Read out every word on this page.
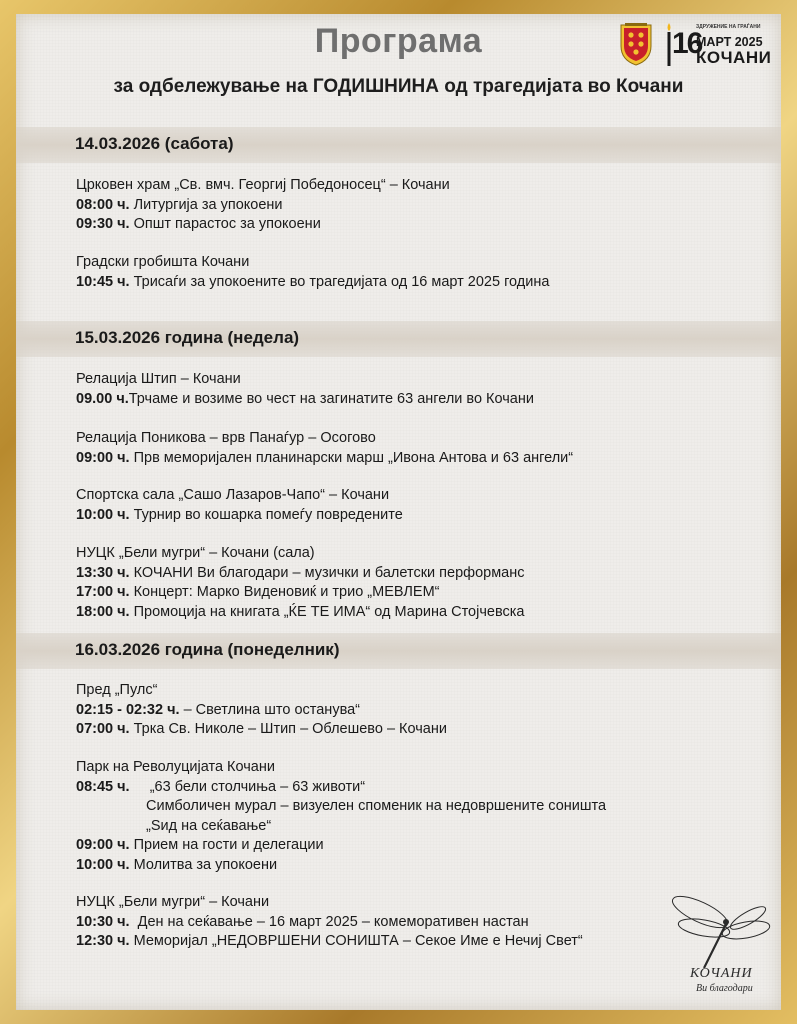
Програма
за одбележување на ГОДИШНИНА од трагедијата во Кочани
16
ЗДРУЖЕНИЕ НА ГРАЃАНИ
МАРТ 2025
КОЧАНИ
14.03.2026 (сабота)
Црковен храм „Св. вмч. Георгиј Победоносец“ – Кочани
08:00 ч. Литургија за упокоени
09:30 ч. Општ парастос за упокоени
Градски гробишта Кочани
10:45 ч. Трисаѓи за упокоените во трагедијата од 16 март 2025 година
15.03.2026 година (недела)
Релација Штип – Кочани
09.00 ч.Трчаме и возиме во чест на загинатите 63 ангели во Кочани
Релација Поникова – врв Панаѓур – Осогово
09:00 ч. Прв меморијален планинарски марш „Ивона Антова и 63 ангели“
Спортска сала „Сашо Лазаров-Чапо“ – Кочани
10:00 ч. Турнир во кошарка помеѓу повредените
НУЦК „Бели мугри“ – Кочани (сала)
13:30 ч. КОЧАНИ Ви благодари – музички и балетски перформанс
17:00 ч. Концерт: Марко Виденовиќ и трио „МЕВЛЕМ“
18:00 ч. Промоција на книгата „ЌЕ ТЕ ИМА“ од Марина Стојчевска
16.03.2026 година (понеделник)
Пред „Пулс“
02:15 - 02:32 ч. – Светлина што останува“
07:00 ч. Трка Св. Николе – Штип – Облешево – Кочани
Парк на Револуцијата Кочани
08:45 ч.     „63 бели столчиња – 63 животи“
Симболичен мурал – визуелен споменик на недовршените соништа
„Ѕид на сеќавање“
09:00 ч. Прием на гости и делегации
10:00 ч. Молитва за упокоени
НУЦК „Бели мугри“ – Кочани
10:30 ч.  Ден на сеќавање – 16 март 2025 – комеморативен настан
12:30 ч. Меморијал „НЕДОВРШЕНИ СОНИШТА – Секое Име е Нечиј Свет“
КОЧАНИ
Ви благодари
